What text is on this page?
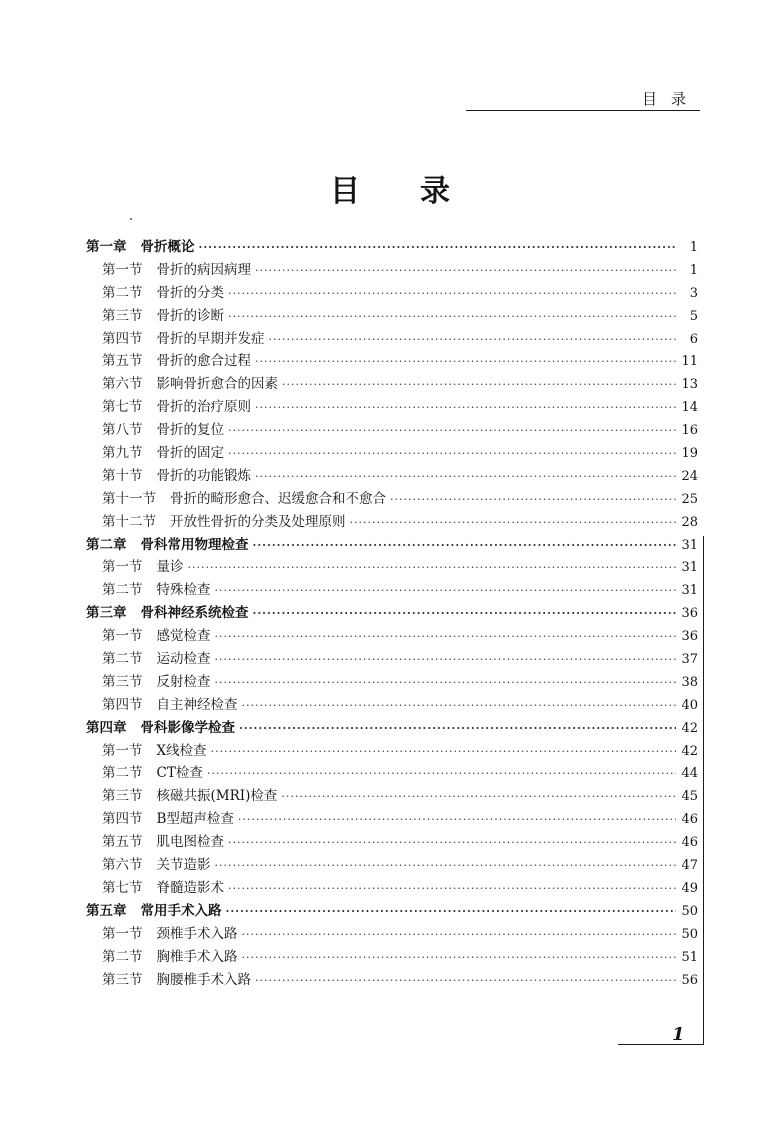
目录
目录
第一章 骨折概论 ·····	1
第一节 骨折的病因病理 ·····	1
第二节 骨折的分类 ·····	3
第三节 骨折的诊断 ·····	5
第四节 骨折的早期并发症 ·····	6
第五节 骨折的愈合过程 ·····	11
第六节 影响骨折愈合的因素 ·····	13
第七节 骨折的治疗原则 ·····	14
第八节 骨折的复位 ·····	16
第九节 骨折的固定 ·····	19
第十节 骨折的功能锻炼 ·····	24
第十一节 骨折的畸形愈合、迟缓愈合和不愈合 ·····	25
第十二节 开放性骨折的分类及处理原则 ·····	28
第二章 骨科常用物理检查 ·····	31
第一节 量诊 ·····	31
第二节 特殊检查 ·····	31
第三章 骨科神经系统检查 ·····	36
第一节 感觉检查 ·····	36
第二节 运动检查 ·····	37
第三节 反射检查 ·····	38
第四节 自主神经检查 ·····	40
第四章 骨科影像学检查 ·····	42
第一节 X线检查 ·····	42
第二节 CT检查 ·····	44
第三节 核磁共振(MRI)检查 ·····	45
第四节 B型超声检查 ·····	46
第五节 肌电图检查 ·····	46
第六节 关节造影 ·····	47
第七节 脊髓造影术 ·····	49
第五章 常用手术入路 ·····	50
第一节 颈椎手术入路 ·····	50
第二节 胸椎手术入路 ·····	51
第三节 胸腰椎手术入路 ·····	56
1
